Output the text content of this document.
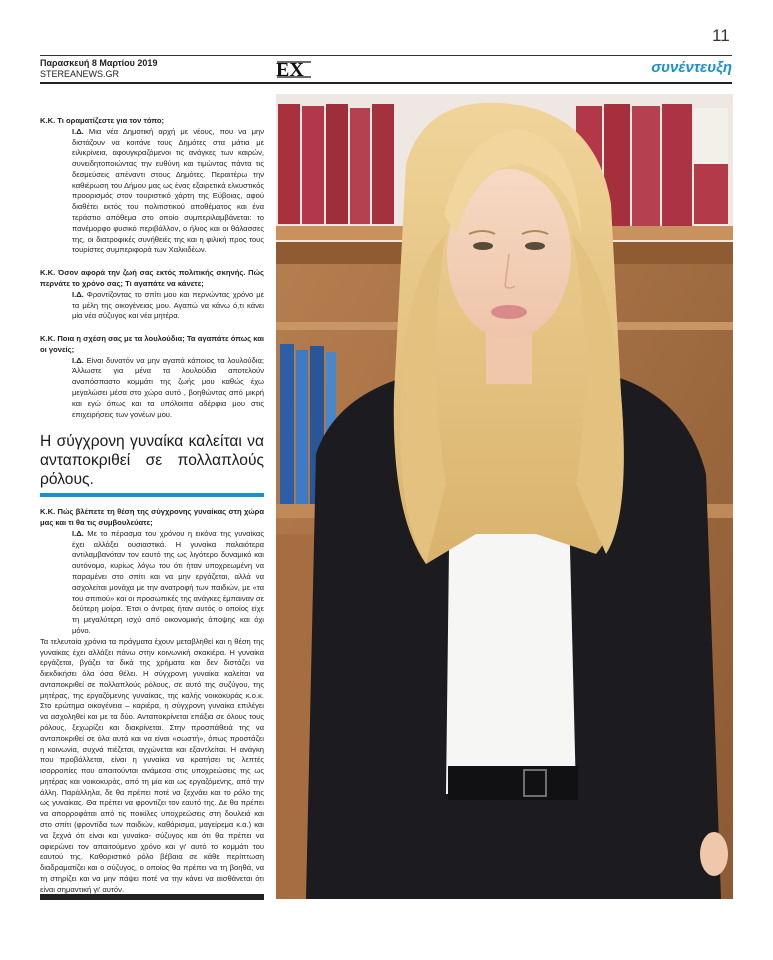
11
Παρασκευή 8 Μαρτίου 2019
STEREANEWS.GR	EX	συνέντευξη

Κ.Κ. Τι οραματίζεστε για τον τόπο;

Ι.Δ. Μια νέα Δημοτική αρχή με νέους, που να μην διστάζουν να κοιτάνε τους Δημότες στα μάτια με ειλικρίνεια, αφουγκραζόμενοι τις ανάγκες των καιρών, συνειδητοποιώντας την ευθύνη και τιμώντας πάντα τις δεσμεύσεις απέναντι στους Δημότες. Περαιτέρω την καθιέρωση του Δήμου μας ως ένας εξαιρετικά ελκυστικός προορισμός στον τουριστικό χάρτη της Εύβοιας, αφού διαθέτει εκτός του πολιτιστικού αποθέματος και ένα τεράστιο απόθεμα στο οποίο συμπεριλαμβάνεται: το πανέμορφο φυσικό περιβάλλον, ο ήλιος και οι θάλασσες της, οι διατροφικές συνήθειές της και η φιλική προς τους τουρίστες συμπεριφορά των Χαλκιδέων.

Κ.Κ. Όσον αφορά την ζωή σας εκτός πολιτικής σκηνής. Πώς περνάτε το χρόνο σας; Τι αγαπάτε να κάνετε;

Ι.Δ. Φροντίζοντας το σπίτι μου και περνώντας χρόνο με τα μέλη της οικογένειας μου. Αγαπώ να κάνω ό,τι κάνει μία νέα σύζυγος και νέα μητέρα.

Κ.Κ. Ποια η σχέση σας με τα λουλούδια; Τα αγαπάτε όπως και οι γονείς;

Ι.Δ. Είναι δυνατόν να μην αγαπά κάποιος τα λουλούδια; Άλλωστε για μένα τα λουλούδια αποτελούν αναπόσπαστο κομμάτι της ζωής μου καθώς έχω μεγαλώσει μέσα στο χώρο αυτό , βοηθώντας από μικρή και εγώ όπως και τα υπόλοιπα αδέρφια μου στις επιχειρήσεις των γονέων μου.

Η σύγχρονη γυναίκα καλείται να ανταποκριθεί σε πολλαπλούς ρόλους.

Κ.Κ. Πώς βλέπετε τη θέση της σύγχρονης γυναίκας στη χώρα μας και τι θα τις συμβουλεύατε;

Ι.Δ. Με το πέρασμα του χρόνου η εικόνα της γυναίκας έχει αλλάξει ουσιαστικά. Η γυναίκα παλαιότερα αντιλαμβανόταν τον εαυτό της ως λιγότερο δυναμικό και αυτόνομο, κυρίως λόγω του ότι ήταν υποχρεωμένη να παραμένει στο σπίτι και να μην εργάζεται, αλλά να ασχολείται μονάχα με την ανατροφή των παιδιών, με «τα του σπιτιού» και οι προσωπικές της ανάγκες έμπαιναν σε δεύτερη μοίρα. Έτσι ο άντρας ήταν αυτός ο οποίος είχε τη μεγαλύτερη ισχύ από οικονομικής άποψης και όχι μόνο.

Τα τελευταία χρόνια τα πράγματα έχουν μεταβληθεί και η θέση της γυναίκας έχει αλλάξει πάνω στην κοινωνική σκακιέρα. Η γυναίκα εργάζεται, βγάζει τα δικά της χρήματα και δεν διστάζει να διεκδικήσει όλα όσα θέλει. Η σύγχρονη γυναίκα καλείται να ανταποκριθεί σε πολλαπλούς ρόλους, σε αυτό της συζύγου, της μητέρας, της εργαζόμενης γυναίκας, της καλής νοικοκυράς κ.ο.κ. Στο ερώτημα οικογένεια – καριέρα, η σύγχρονη γυναίκα επιλέγει να ασχοληθεί και με τα δύο. Ανταποκρίνεται επάξια σε όλους τους ρόλους, ξεχωρίζει και διακρίνεται. Στην προσπάθειά της να ανταποκριθεί σε όλα αυτά και να είναι «σωστή», όπως προστάζει η κοινωνία, συχνά πιέζεται, αγχώνεται και εξαντλείται. Η ανάγκη που προβάλλεται, είναι η γυναίκα να κρατήσει τις λεπτές ισορροπίες που απαιτούνται ανάμεσα στις υποχρεώσεις της ως μητέρας και νοικοκυράς, από τη μία και ως εργαζόμενης, από την άλλη. Παράλληλα, δε θα πρέπει ποτέ να ξεχνάει και το ρόλο της ως γυναίκας. Θα πρέπει να φροντίζει τον εαυτό της. Δε θα πρέπει να απορροφάται από τις ποικίλες υποχρεώσεις στη δουλειά και στο σπίτι (φροντίδα των παιδιών, καθάρισμα, μαγείρεμα κ.α.) και να ξεχνά ότι είναι και γυναίκα- σύζυγος και ότι θα πρέπει να αφιερώνει τον απαιτούμενο χρόνο και γι' αυτό το κομμάτι του εαυτού της. Καθοριστικό ρόλο βέβαια σε κάθε περίπτωση διαδραματίζει και ο σύζυγος, ο οποίος θα πρέπει να τη βοηθά, να τη στηρίζει και να μην πάψει ποτέ να την κάνει να αισθάνεται ότι είναι σημαντική γι' αυτόν.
